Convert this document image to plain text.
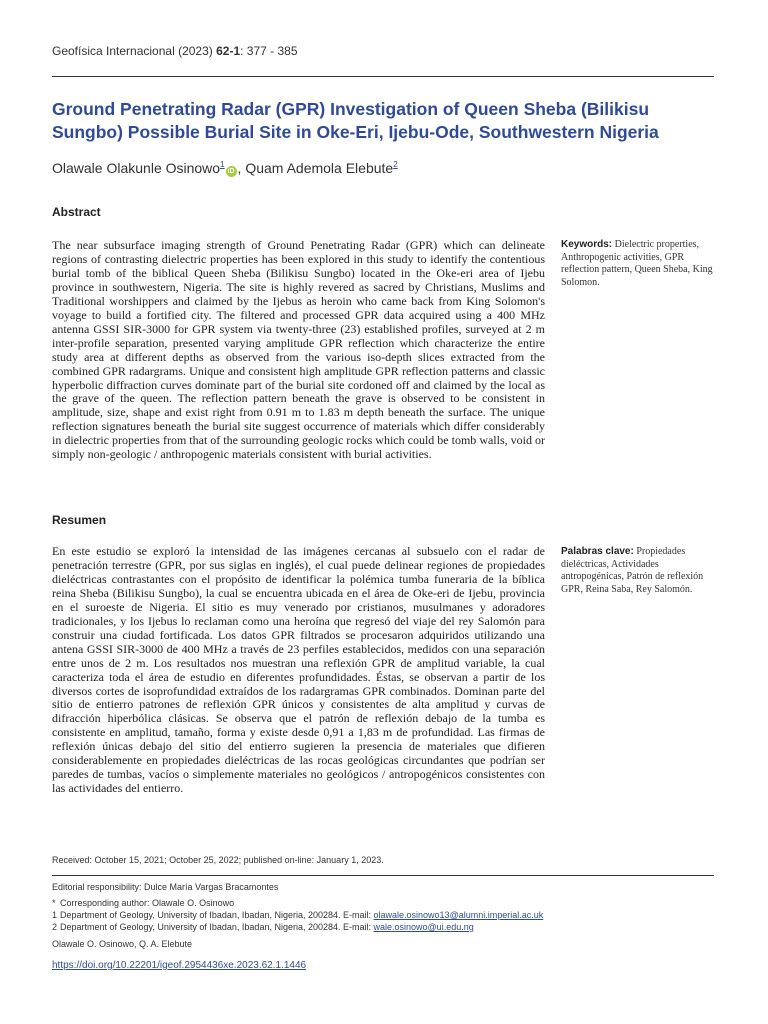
Geofísica Internacional (2023) 62-1: 377 - 385
Ground Penetrating Radar (GPR) Investigation of Queen Sheba (Bilikisu Sungbo) Possible Burial Site in Oke-Eri, Ijebu-Ode, Southwestern Nigeria
Olawale Olakunle Osinowo$^1$iD , Quam Ademola Elebute$^2$
Abstract

The near subsurface imaging strength of Ground Penetrating Radar (GPR) which can delineate regions of contrasting dielectric properties has been explored in this study to identify the contentious burial tomb of the biblical Queen Sheba (Bilikisu Sungbo) located in the Oke-eri area of Ijebu province in southwestern, Nigeria. The site is highly revered as sacred by Christians, Muslims and Traditional worshippers and claimed by the Ijebus as heroin who came back from King Solomon's voyage to build a fortified city. The filtered and processed GPR data acquired using a 400 MHz antenna GSSI SIR-3000 for GPR system via twenty-three (23) established profiles, surveyed at 2 m inter-profile separation, presented varying amplitude GPR reflection which characterize the entire study area at different depths as observed from the various iso-depth slices extracted from the combined GPR radargrams. Unique and consistent high amplitude GPR reflection patterns and classic hyperbolic diffraction curves dominate part of the burial site cordoned off and claimed by the local as the grave of the queen. The reflection pattern beneath the grave is observed to be consistent in amplitude, size, shape and exist right from 0.91 m to 1.83 m depth beneath the surface. The unique reflection signatures beneath the burial site suggest occurrence of materials which differ considerably in dielectric properties from that of the surrounding geologic rocks which could be tomb walls, void or simply non-geologic / anthropogenic materials consistent with burial activities.

Keywords: Dielectric properties, Anthropogenic activities, GPR reflection pattern, Queen Sheba, King Solomon.

Resumen

En este estudio se exploró la intensidad de las imágenes cercanas al subsuelo con el radar de penetración terrestre (GPR, por sus siglas en inglés), el cual puede delinear regiones de propiedades dieléctricas contrastantes con el propósito de identificar la polémica tumba funeraria de la bíblica reina Sheba (Bilikisu Sungbo), la cual se encuentra ubicada en el área de Oke-eri de Ijebu, provincia en el suroeste de Nigeria. El sitio es muy venerado por cristianos, musulmanes y adoradores tradicionales, y los Ijebus lo reclaman como una heroína que regresó del viaje del rey Salomón para construir una ciudad fortificada. Los datos GPR filtrados se procesaron adquiridos utilizando una antena GSSI SIR-3000 de 400 MHz a través de 23 perfiles establecidos, medidos con una separación entre unos de 2 m. Los resultados nos muestran una reflexión GPR de amplitud variable, la cual caracteriza toda el área de estudio en diferentes profundidades. Éstas, se observan a partir de los diversos cortes de isoprofundidad extraídos de los radargramas GPR combinados. Dominan parte del sitio de entierro patrones de reflexión GPR únicos y consistentes de alta amplitud y curvas de difracción hiperbólica clásicas. Se observa que el patrón de reflexión debajo de la tumba es consistente en amplitud, tamaño, forma y existe desde 0,91 a 1,83 m de profundidad. Las firmas de reflexión únicas debajo del sitio del entierro sugieren la presencia de materiales que difieren considerablemente en propiedades dieléctricas de las rocas geológicas circundantes que podrían ser paredes de tumbas, vacíos o simplemente materiales no geológicos / antropogénicos consistentes con las actividades del entierro.

Palabras clave: Propiedades dieléctricas, Actividades antropogénicas, Patrón de reflexión GPR, Reina Saba, Rey Salomón.

Received: October 15, 2021; October 25, 2022; published on-line: January 1, 2023.

Editorial responsibility: Dulce María Vargas Bracamontes

* Corresponding author: Olawale O. Osinowo

1 Department of Geology, University of Ibadan, Ibadan, Nigeria, 200284. E-mail: olawale.osinowo13@alumni.imperial.ac.uk

2 Department of Geology, University of Ibadan, Ibadan, Nigeria, 200284. E-mail: wale.osinowo@ui.edu.ng

Olawale O. Osinowo, Q. A. Elebute

https://doi.org/10.22201/igeof.2954436xe.2023.62.1.1446
